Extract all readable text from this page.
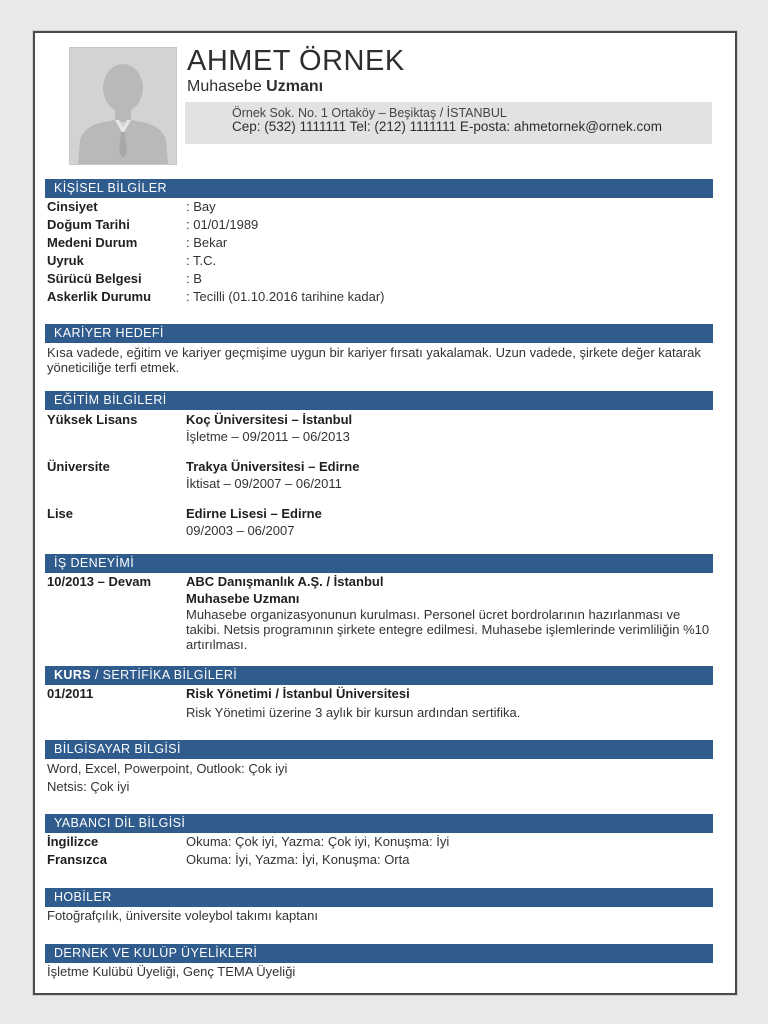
AHMET ÖRNEK
Muhasebe Uzmanı
Örnek Sok. No. 1 Ortaköy – Beşiktaş / İSTANBUL
Cep: (532) 1111111 Tel: (212) 1111111 E-posta: ahmetornek@ornek.com
KİŞİSEL BİLGİLER
Cinsiyet	: Bay
Doğum Tarihi	: 01/01/1989
Medeni Durum	: Bekar
Uyruk	: T.C.
Sürücü Belgesi	: B
Askerlik Durumu	: Tecilli (01.10.2016 tarihine kadar)
KARİYER HEDEFİ
Kısa vadede, eğitim ve kariyer geçmişime uygun bir kariyer fırsatı yakalamak. Uzun vadede, şirkete değer katarak yöneticiliğe terfi etmek.
EĞİTİM BİLGİLERİ
Yüksek Lisans	Koç Üniversitesi – İstanbul
İşletme – 09/2011 – 06/2013
Üniversite	Trakya Üniversitesi – Edirne
İktisat – 09/2007 – 06/2011
Lise	Edirne Lisesi – Edirne
09/2003 – 06/2007
İŞ DENEYİMİ
10/2013 – Devam	ABC Danışmanlık A.Ş. / İstanbul
Muhasebe Uzmanı
Muhasebe organizasyonunun kurulması. Personel ücret bordrolarının hazırlanması ve takibi. Netsis programının şirkete entegre edilmesi. Muhasebe işlemlerinde verimliliğin %10 artırılması.
KURS / SERTİFİKA BİLGİLERİ
01/2011	Risk Yönetimi / İstanbul Üniversitesi
Risk Yönetimi üzerine 3 aylık bir kursun ardından sertifika.
BİLGİSAYAR BİLGİSİ
Word, Excel, Powerpoint, Outlook: Çok iyi
Netsis: Çok iyi
YABANCI DİL BİLGİSİ
İngilizce	Okuma: Çok iyi, Yazma: Çok iyi, Konuşma: İyi
Fransızca	Okuma: İyi, Yazma: İyi, Konuşma: Orta
HOBİLER
Fotoğrafçılık, üniversite voleybol takımı kaptanı
DERNEK VE KULÜP ÜYELİKLERİ
İşletme Kulübü Üyeliği, Genç TEMA Üyeliği
